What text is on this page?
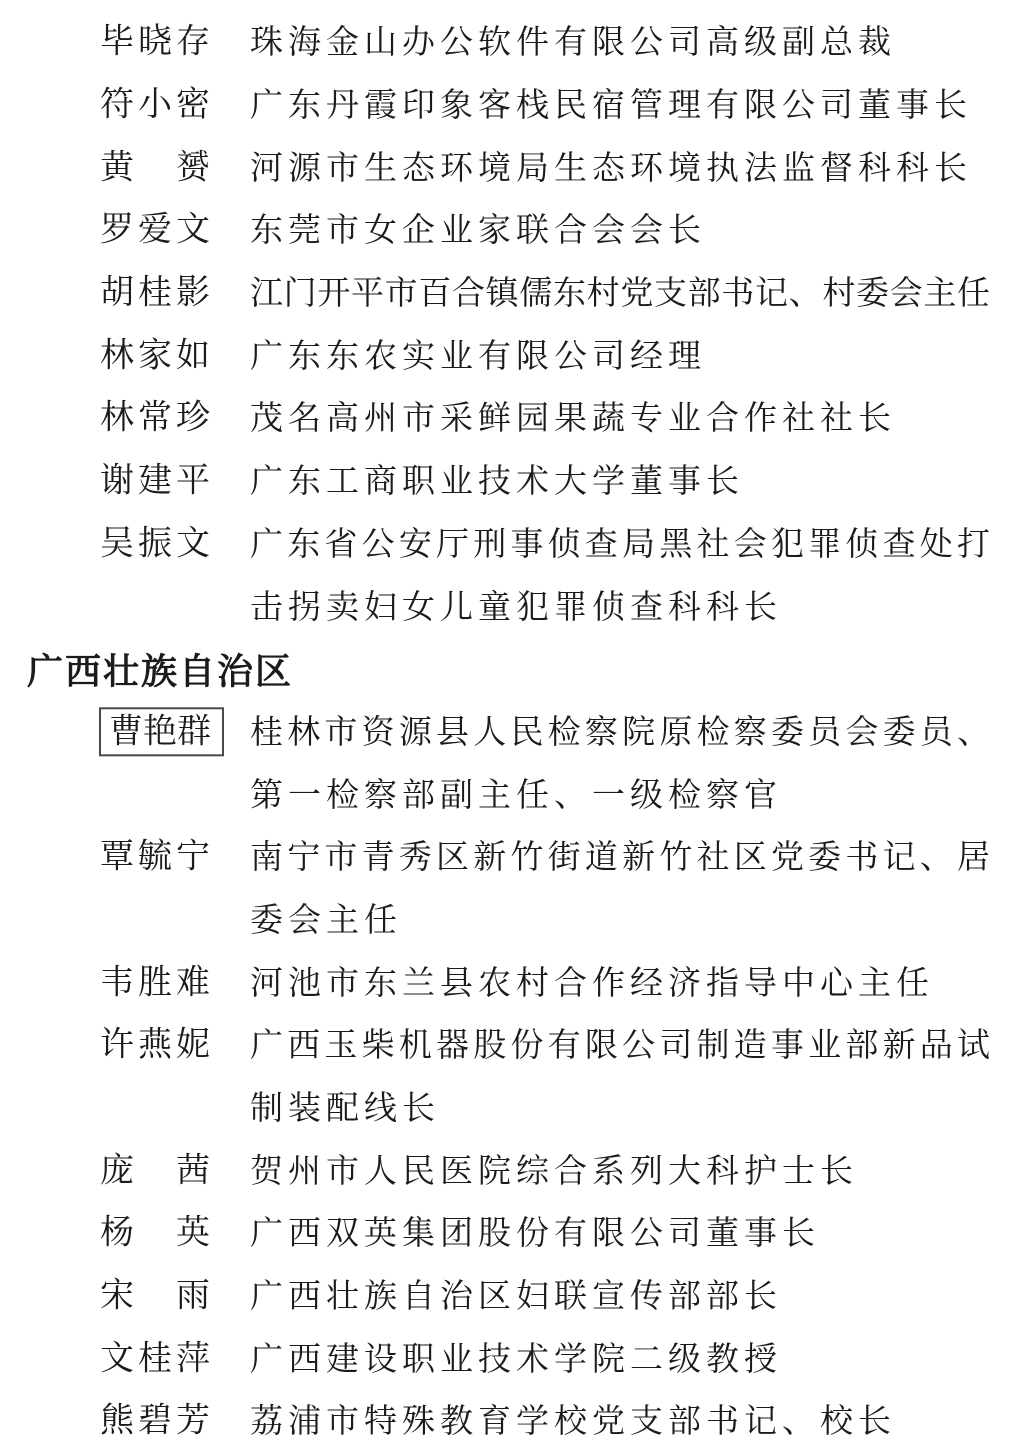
毕晓存 珠海金山办公软件有限公司高级副总裁
符小密 广东丹霞印象客栈民宿管理有限公司董事长
黄赟 河源市生态环境局生态环境执法监督科科长
罗爱文 东莞市女企业家联合会会长
胡桂影 江门开平市百合镇儒东村党支部书记、村委会主任
林家如 广东东农实业有限公司经理
林常珍 茂名高州市采鲜园果蔬专业合作社社长
谢建平 广东工商职业技术大学董事长
吴振文 广东省公安厅刑事侦查局黑社会犯罪侦查处打
击拐卖妇女儿童犯罪侦查科科长
广西壮族自治区
曹艳群	桂林市资源县人民检察院原检察委员会委员、
第一检察部副主任、一级检察官
覃毓宁 南宁市青秀区新竹街道新竹社区党委书记、居
委会主任
韦胜难 河池市东兰县农村合作经济指导中心主任
许燕妮 广西玉柴机器股份有限公司制造事业部新品试
制装配线长
庞茜 贺州市人民医院综合系列大科护士长
杨英 广西双英集团股份有限公司董事长
宋雨 广西壮族自治区妇联宣传部部长
文桂萍 广西建设职业技术学院二级教授
熊碧芳 荔浦市特殊教育学校党支部书记、校长
